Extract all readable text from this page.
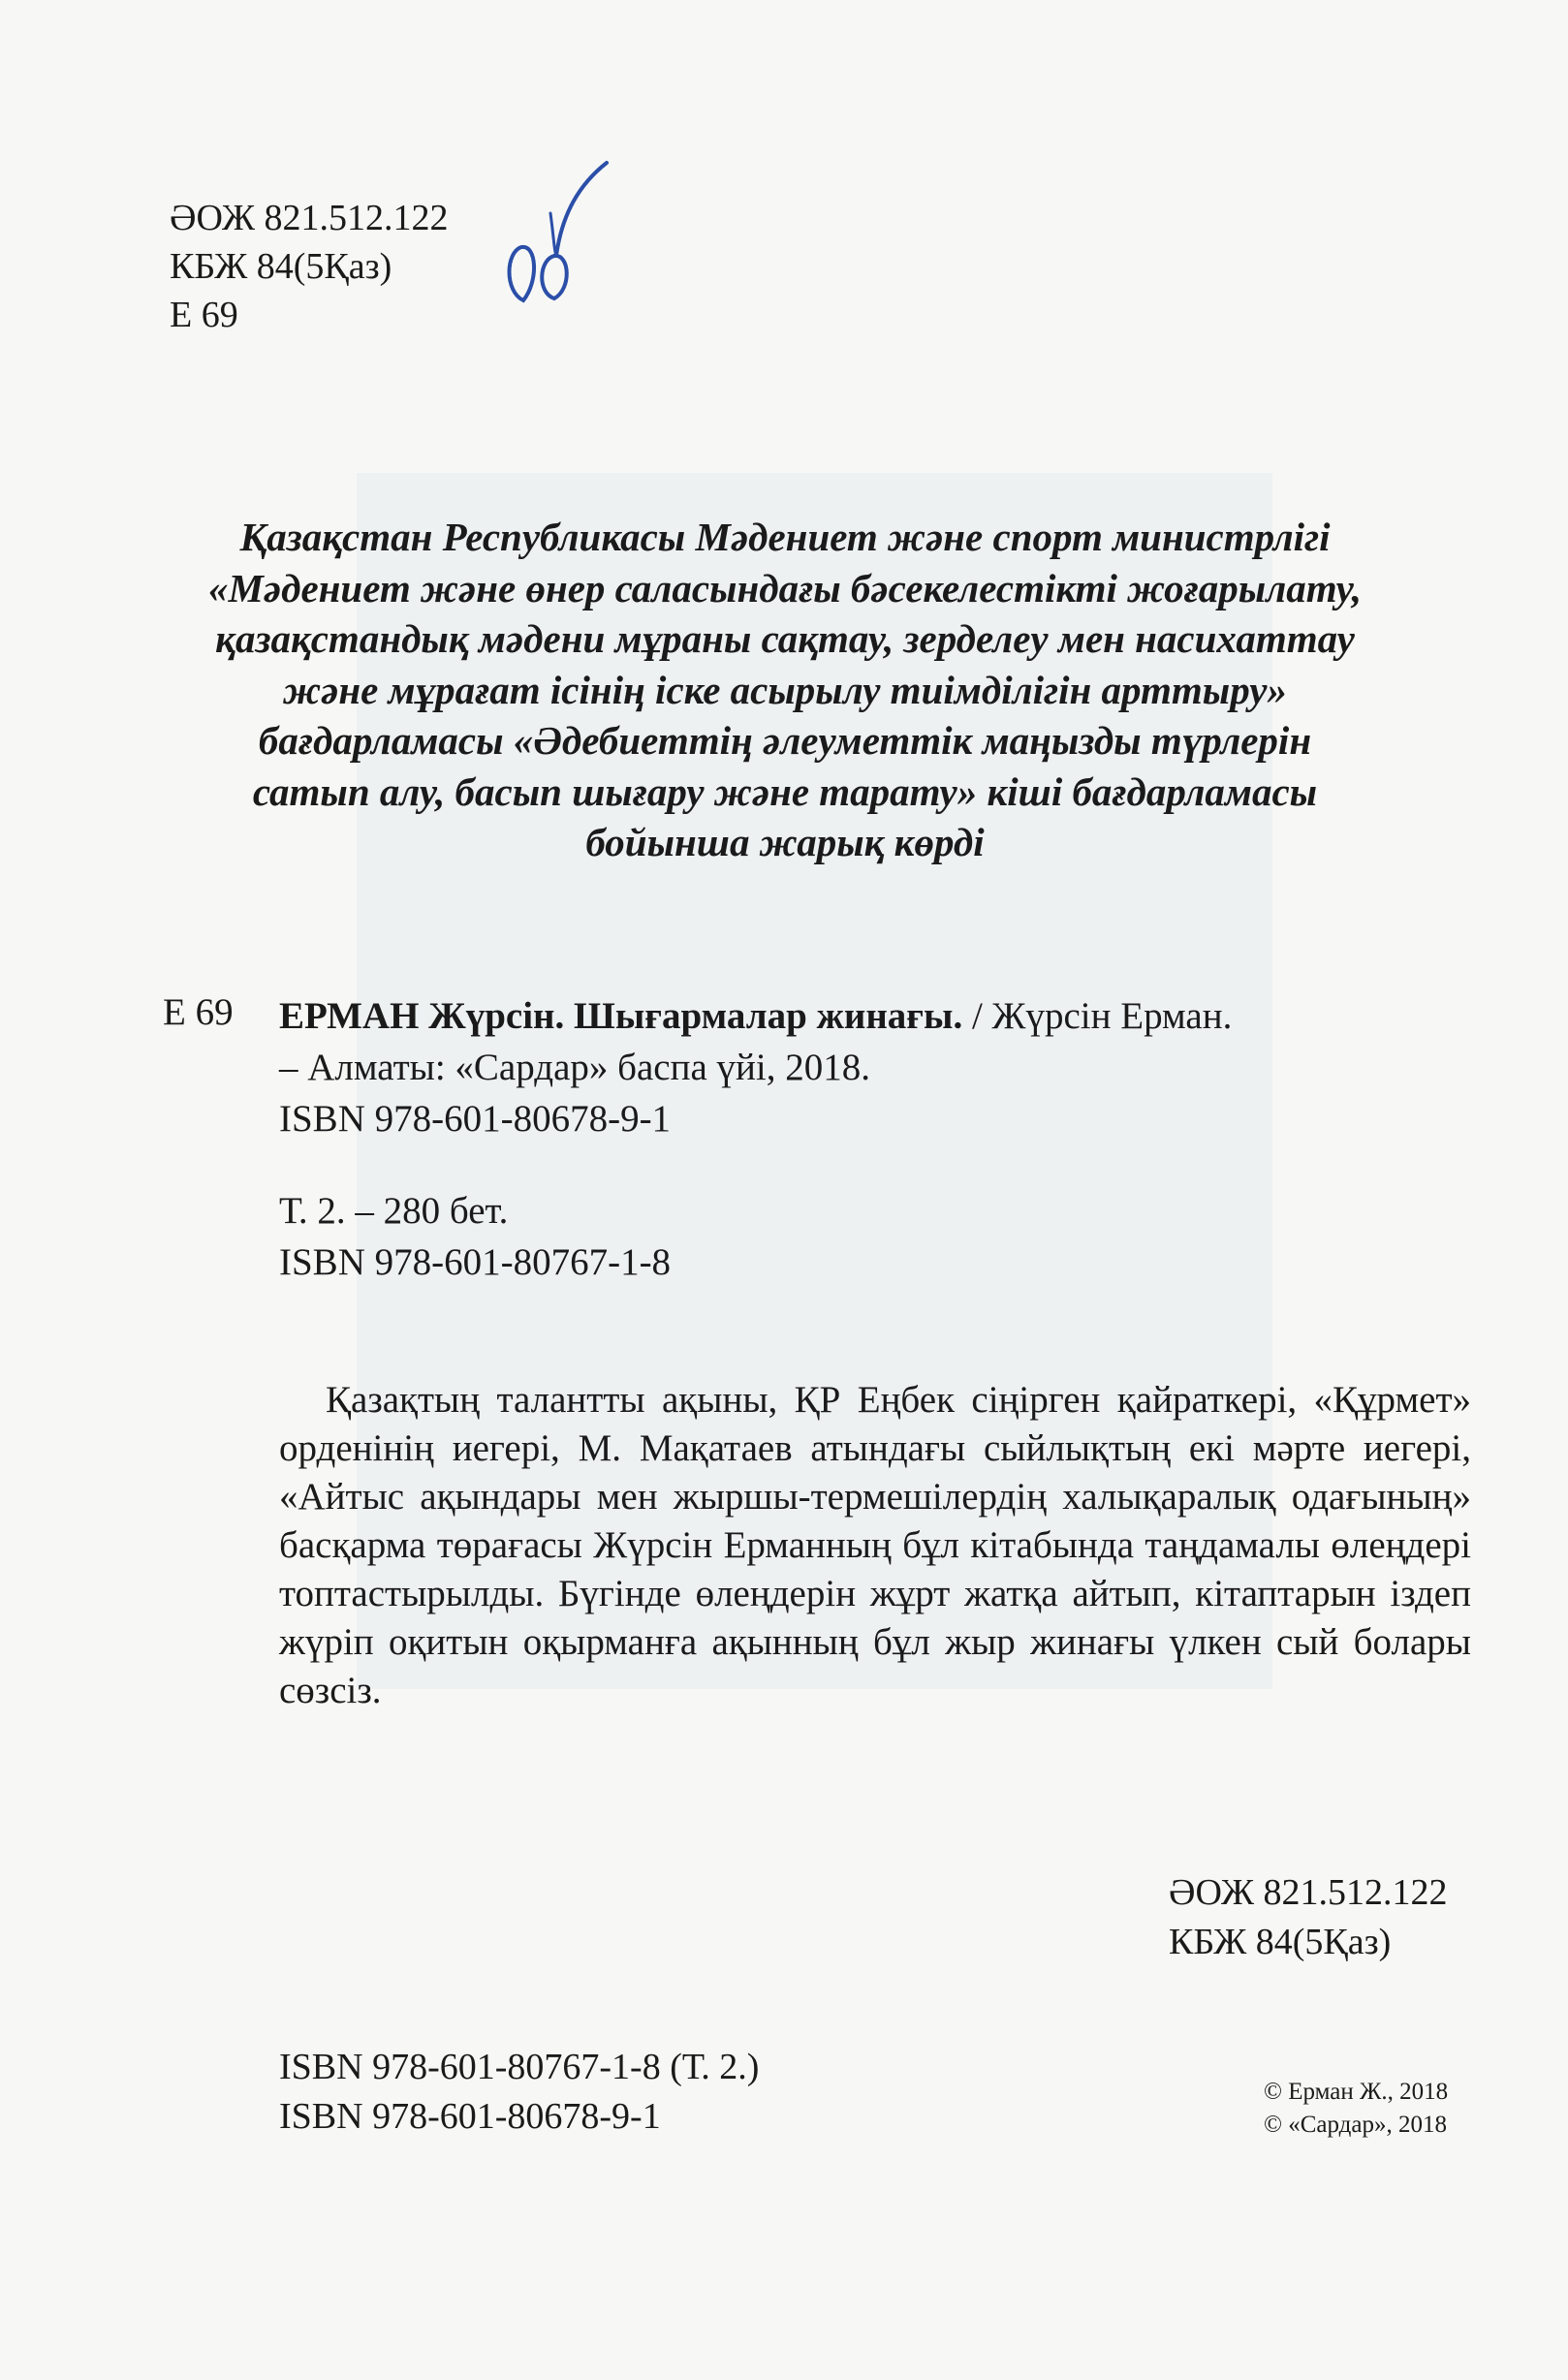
ӘОЖ 821.512.122
КБЖ 84(5Қаз)
Е 69
Қазақстан Республикасы Мәдениет және спорт министрлігі
«Мәдениет және өнер саласындағы бәсекелестікті жоғарылату,
қазақстандық мәдени мұраны сақтау, зерделеу мен насихаттау
және мұрағат ісінің іске асырылу тиімділігін арттыру»
бағдарламасы «Әдебиеттің әлеуметтік маңызды түрлерін
сатып алу, басып шығару және тарату» кіші бағдарламасы
бойынша жарық көрді
Е 69 ЕРМАН Жүрсін. Шығармалар жинағы. / Жүрсін Ерман.
– Алматы: «Сардар» баспа үйі, 2018.
ISBN 978-601-80678-9-1
Т. 2. – 280 бет.
ISBN 978-601-80767-1-8
Қазақтың талантты ақыны, ҚР Еңбек сіңірген қайраткері, «Құрмет» орденінің иегері, М. Мақатаев атындағы сыйлықтың екі мәрте иегері, «Айтыс ақындары мен жыршы-термешілердің халықаралық одағының» басқарма төрағасы Жүрсін Ерманның бұл кітабында таңдамалы өлеңдері топтастырылды. Бүгінде өлеңдерін жұрт жатқа айтып, кітаптарын іздеп жүріп оқитын оқырманға ақынның бұл жыр жинағы үлкен сый болары сөзсіз.
ӘОЖ 821.512.122
КБЖ 84(5Қаз)
ISBN 978-601-80767-1-8 (Т. 2.)
ISBN 978-601-80678-9-1
© Ерман Ж., 2018
© «Сардар», 2018
